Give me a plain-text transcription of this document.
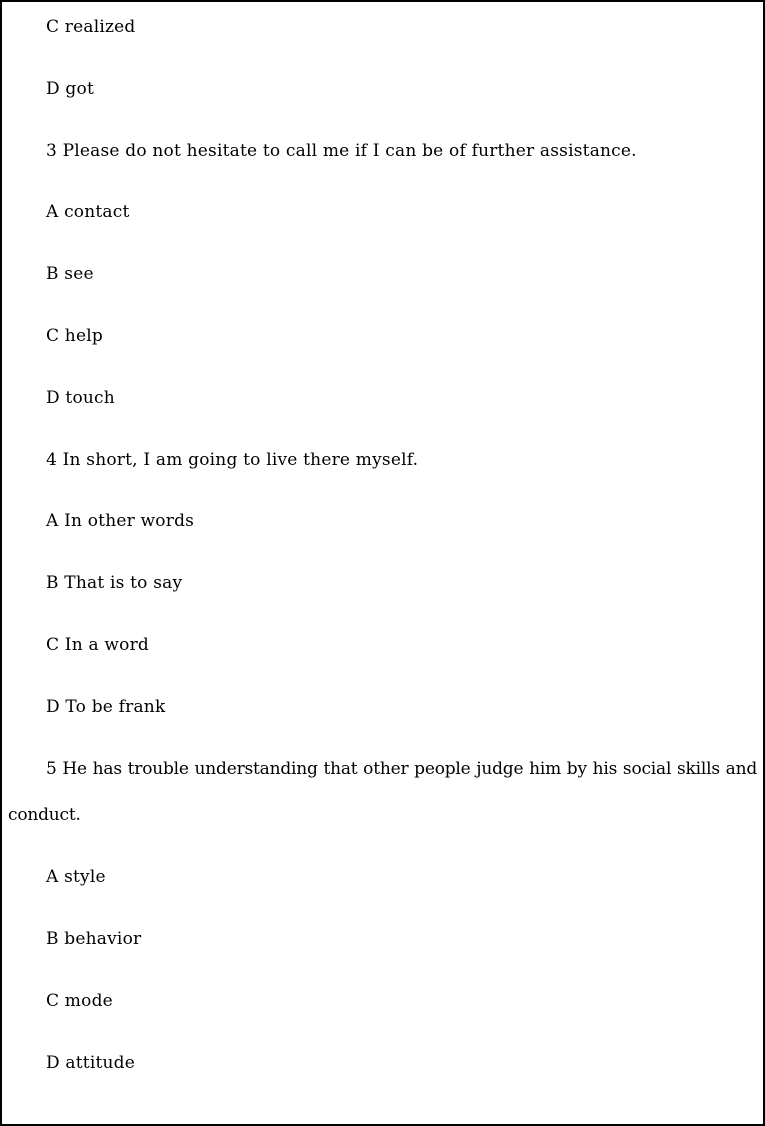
C realized
D got
3 Please do not hesitate to call me if I can be of further assistance.
A contact
B see
C help
D touch
4 In short, I am going to live there myself.
A In other words
B That is to say
C In a word
D To be frank
5 He has trouble understanding that other people judge him by his social skills and conduct.
A style
B behavior
C mode
D attitude
